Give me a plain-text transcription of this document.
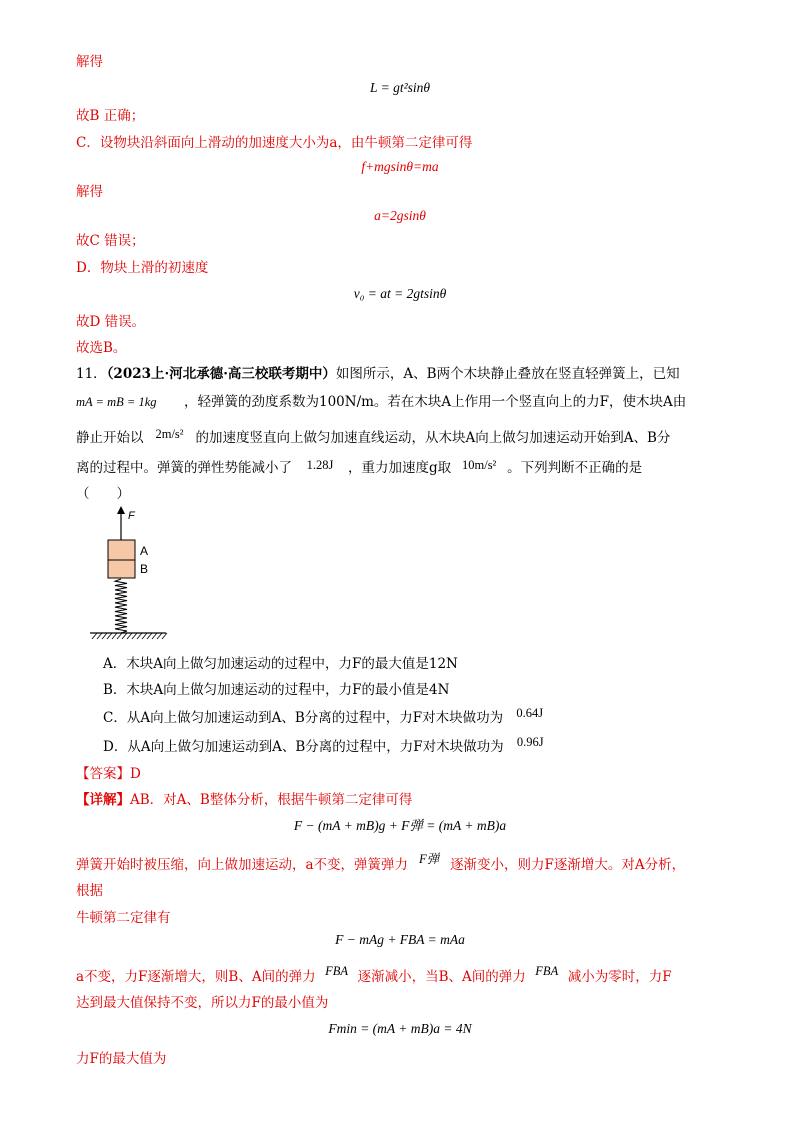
解得
L = gt²sinθ
故B 正确；
C．设物块沿斜面向上滑动的加速度大小为a，由牛顿第二定律可得
f+mgsinθ=ma
解得
a=2gsinθ
故C 错误；
D．物块上滑的初速度
v₀ = at = 2gtsinθ
故D 错误。
故选B。
11．（2023上·河北承德·高三校联考期中）如图所示，A、B两个木块静止叠放在竖直轻弹簧上，已知
mA = mB = 1kg ，轻弹簧的劲度系数为100N/m。若在木块A上作用一个竖直向上的力F，使木块A由
静止开始以 2m/s² 的加速度竖直向上做匀加速直线运动，从木块A向上做匀加速运动开始到A、B分
离的过程中。弹簧的弹性势能减小了 1.28J ，重力加速度g取 10m/s² 。下列判断不正确的是
（　　）
F
A
B
A．木块A向上做匀加速运动的过程中，力F的最大值是12N
B．木块A向上做匀加速运动的过程中，力F的最小值是4N
C．从A向上做匀加速运动到A、B分离的过程中，力F对木块做功为 0.64J
D．从A向上做匀加速运动到A、B分离的过程中，力F对木块做功为 0.96J
【答案】D
【详解】AB．对A、B整体分析，根据牛顿第二定律可得
F − (mA + mB)g + F弹 = (mA + mB)a
弹簧开始时被压缩，向上做加速运动，a不变，弹簧弹力 F弹 逐渐变小，则力F逐渐增大。对A分析，
根据
牛顿第二定律有
F − mAg + FBA = mAa
a不变，力F逐渐增大，则B、A间的弹力 FBA 逐渐减小，当B、A间的弹力 FBA 减小为零时，力F
达到最大值保持不变，所以力F的最小值为
Fmin = (mA + mB)a = 4N
力F的最大值为
